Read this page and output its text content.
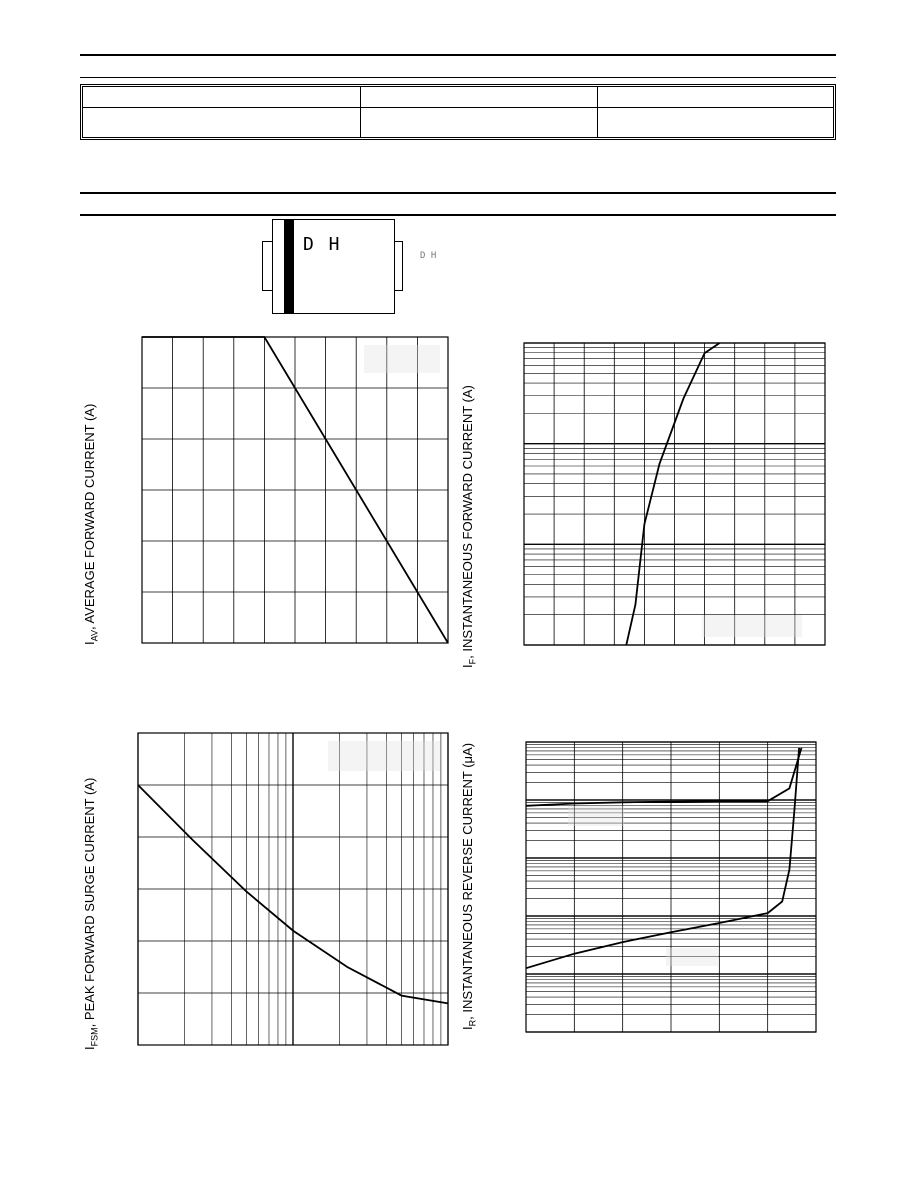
D H
D H
$I_{AV}$, AVERAGE FORWARD CURRENT (A)
$I_F$, INSTANTANEOUS FORWARD CURRENT (A)
$I_{FSM}$, PEAK FORWARD SURGE CURRENT (A)
$I_R$, INSTANTANEOUS REVERSE CURRENT (μA)
